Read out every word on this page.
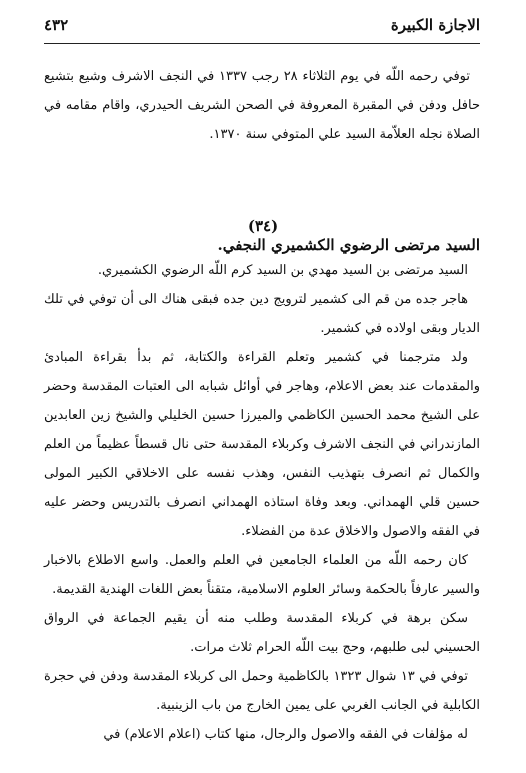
الاجازة الكبيرة
٤٣٢

توفي رحمه اللّه في يوم الثلاثاء ٢٨ رجب ١٣٣٧ في النجف الاشرف وشيع بتشيع حافل ودفن في المقبرة المعروفة في الصحن الشريف الحيدري، واقام مقامه في الصلاة نجله العلاّمة السيد علي المتوفي سنة ١٣٧٠.

(٣٤)
السيد مرتضى الرضوي الكشميري النجفي.

السيد مرتضى بن السيد مهدي بن السيد كرم اللّه الرضوي الكشميري.

هاجر جده من قم الى كشمير لترويج دين جده فبقى هناك الى أن توفي في تلك الديار وبقى اولاده في كشمير.

ولد مترجمنا في كشمير وتعلم القراءة والكتابة، ثم بدأ بقراءة المبادئ والمقدمات عند بعض الاعلام، وهاجر في أوائل شبابه الى العتبات المقدسة وحضر على الشيخ محمد الحسين الكاظمي والميرزا حسين الخليلي والشيخ زين العابدين المازندراني في النجف الاشرف وكربلاء المقدسة حتى نال قسطاً عظيماً من العلم والكمال ثم انصرف بتهذيب النفس، وهذب نفسه على الاخلاقي الكبير المولى حسين قلي الهمداني. وبعد وفاة استاذه الهمداني انصرف بالتدريس وحضر عليه في الفقه والاصول والاخلاق عدة من الفضلاء.

كان رحمه اللّه من العلماء الجامعين في العلم والعمل. واسع الاطلاع بالاخبار والسير عارفاً بالحكمة وسائر العلوم الاسلامية، متقناً بعض اللغات الهندية القديمة.

سكن برهة في كربلاء المقدسة وطلب منه أن يقيم الجماعة في الرواق الحسيني لبى طلبهم، وحج بيت اللّه الحرام ثلاث مرات.

توفي في ١٣ شوال ١٣٢٣ بالكاظمية وحمل الى كربلاء المقدسة ودفن في حجرة الكابلية في الجانب الغربي على يمين الخارج من باب الزينبية.

له مؤلفات في الفقه والاصول والرجال، منها كتاب (اعلام الاعلام) في
